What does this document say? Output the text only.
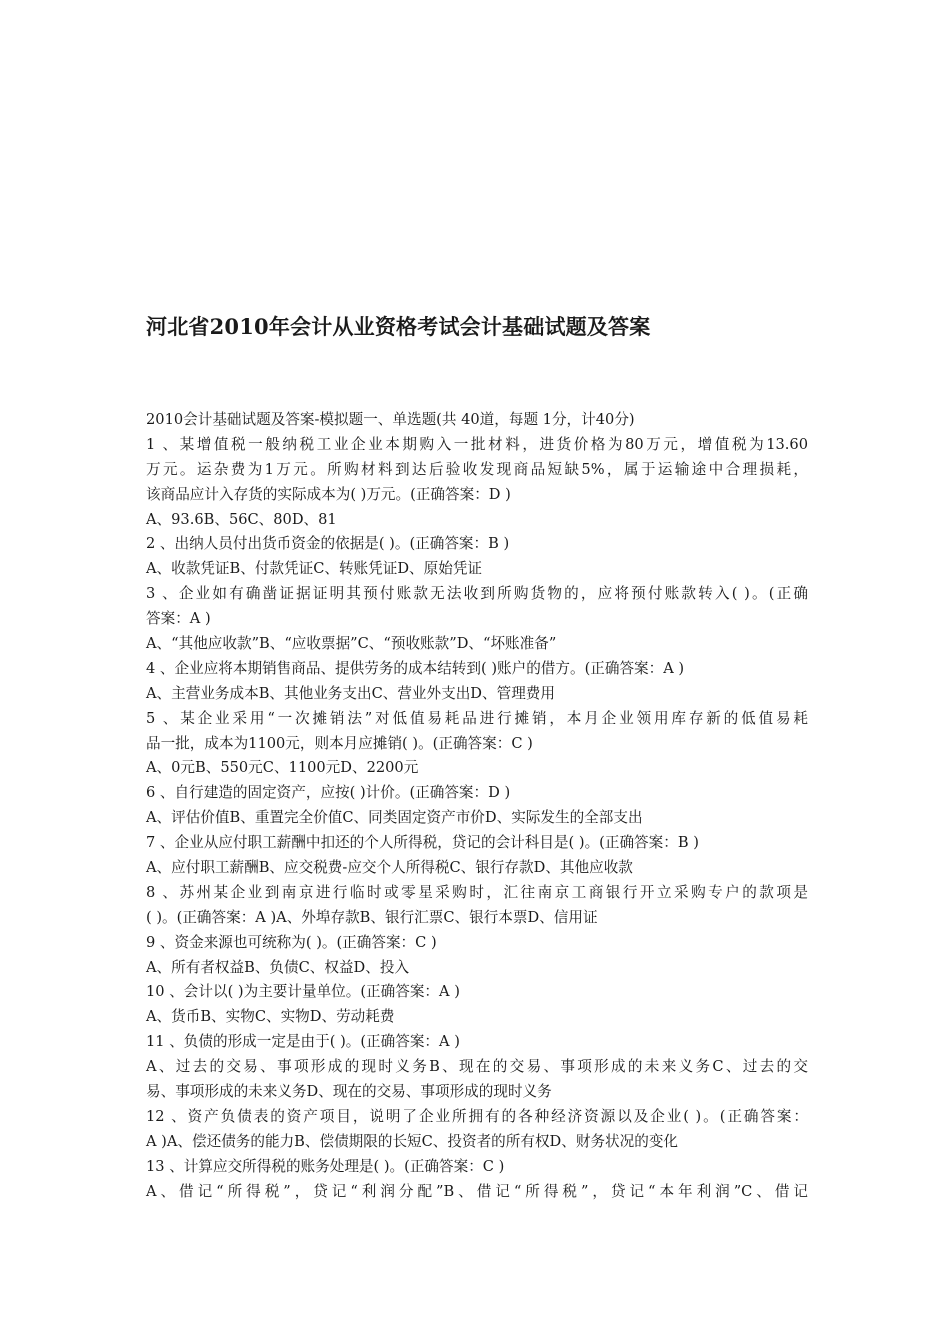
河北省2010年会计从业资格考试会计基础试题及答案

2010会计基础试题及答案-模拟题一、单选题(共 40道，每题 1分，计40分)

1 、某增值税一般纳税工业企业本期购入一批材料，进货价格为80万元，增值税为13.60

万元。运杂费为1万元。所购材料到达后验收发现商品短缺5%，属于运输途中合理损耗，

该商品应计入存货的实际成本为( )万元。(正确答案：D )

A、93.6B、56C、80D、81

2 、出纳人员付出货币资金的依据是( )。(正确答案：B )

A、收款凭证B、付款凭证C、转账凭证D、原始凭证

3 、企业如有确凿证据证明其预付账款无法收到所购货物的，应将预付账款转入( )。(正确

答案：A )

A、“其他应收款”B、“应收票据”C、“预收账款”D、“坏账准备”

4 、企业应将本期销售商品、提供劳务的成本结转到( )账户的借方。(正确答案：A )

A、主营业务成本B、其他业务支出C、营业外支出D、管理费用

5 、某企业采用“一次摊销法”对低值易耗品进行摊销，本月企业领用库存新的低值易耗

品一批，成本为1100元，则本月应摊销( )。(正确答案：C )

A、0元B、550元C、1100元D、2200元

6 、自行建造的固定资产，应按( )计价。(正确答案：D )

A、评估价值B、重置完全价值C、同类固定资产市价D、实际发生的全部支出

7 、企业从应付职工薪酬中扣还的个人所得税，贷记的会计科目是( )。(正确答案：B )

A、应付职工薪酬B、应交税费-应交个人所得税C、银行存款D、其他应收款

8 、苏州某企业到南京进行临时或零星采购时，汇往南京工商银行开立采购专户的款项是

( )。(正确答案：A )A、外埠存款B、银行汇票C、银行本票D、信用证

9 、资金来源也可统称为( )。(正确答案：C )

A、所有者权益B、负债C、权益D、投入

10 、会计以( )为主要计量单位。(正确答案：A )

A、货币B、实物C、实物D、劳动耗费

11 、负债的形成一定是由于( )。(正确答案：A )

A、过去的交易、事项形成的现时义务B、现在的交易、事项形成的未来义务C、过去的交

易、事项形成的未来义务D、现在的交易、事项形成的现时义务

12 、资产负债表的资产项目，说明了企业所拥有的各种经济资源以及企业( )。(正确答案：

A )A、偿还债务的能力B、偿债期限的长短C、投资者的所有权D、财务状况的变化

13 、计算应交所得税的账务处理是( )。(正确答案：C )

A、借记“所得税”，贷记“利润分配”B、借记“所得税”，贷记“本年利润”C、借记
